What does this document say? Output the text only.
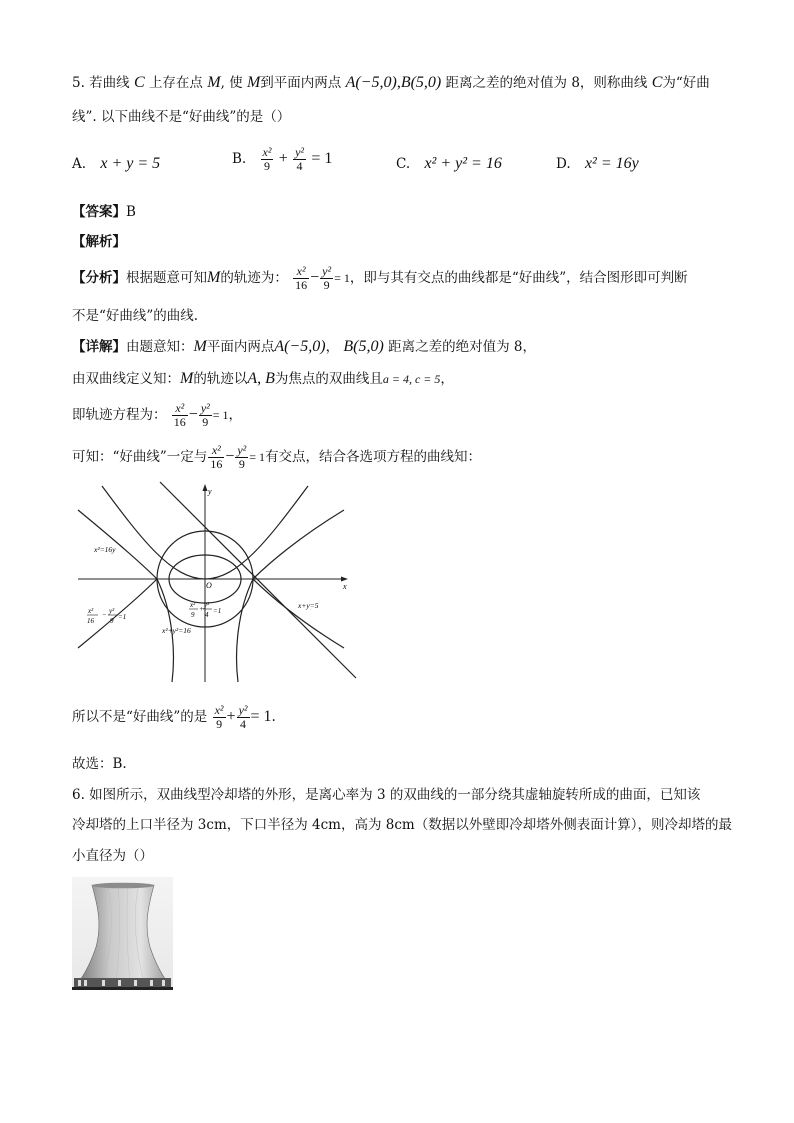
5. 若曲线 C 上存在点 M, 使 M到平面内两点 A(−5,0),B(5,0) 距离之差的绝对值为 8，则称曲线 C为“好曲
线”. 以下曲线不是“好曲线”的是（）
A. x + y = 5	B. $\frac{\text{x²}}{9} + \frac{\text{y²}}{4} = 1$	C. x² + y² = 16	D. x² = 16y
【答案】B
【解析】
【分析】根据题意可知M的轨迹为： $\frac{\text{x²}}{16} - \frac{\text{y²}}{9} = 1$，即与其有交点的曲线都是“好曲线”，结合图形即可判断
不是“好曲线”的曲线.
【详解】由题意知：M平面内两点A(−5,0)， B(5,0) 距离之差的绝对值为 8，
由双曲线定义知：M的轨迹以A, B为焦点的双曲线且a = 4, c = 5，
即轨迹方程为： $\frac{\text{x²}}{16} - \frac{\text{y²}}{9} = 1$，
可知：“好曲线”一定与 $\frac{\text{x²}}{16} - \frac{\text{y²}}{9} = 1$有交点，结合各选项方程的曲线知：
x
y
O
x²=16y
x+y=5
x²
16
− y²
9 =1
x²
9
+ y²
4 =1
x²+y²=16
所以不是“好曲线”的是 $\frac{\text{x²}}{9} + \frac{\text{y²}}{4} = 1$.
故选：B.
6. 如图所示，双曲线型冷却塔的外形，是离心率为 3 的双曲线的一部分绕其虚轴旋转所成的曲面，已知该
冷却塔的上口半径为 3cm，下口半径为 4cm，高为 8cm（数据以外壁即冷却塔外侧表面计算），则冷却塔的最
小直径为（）
